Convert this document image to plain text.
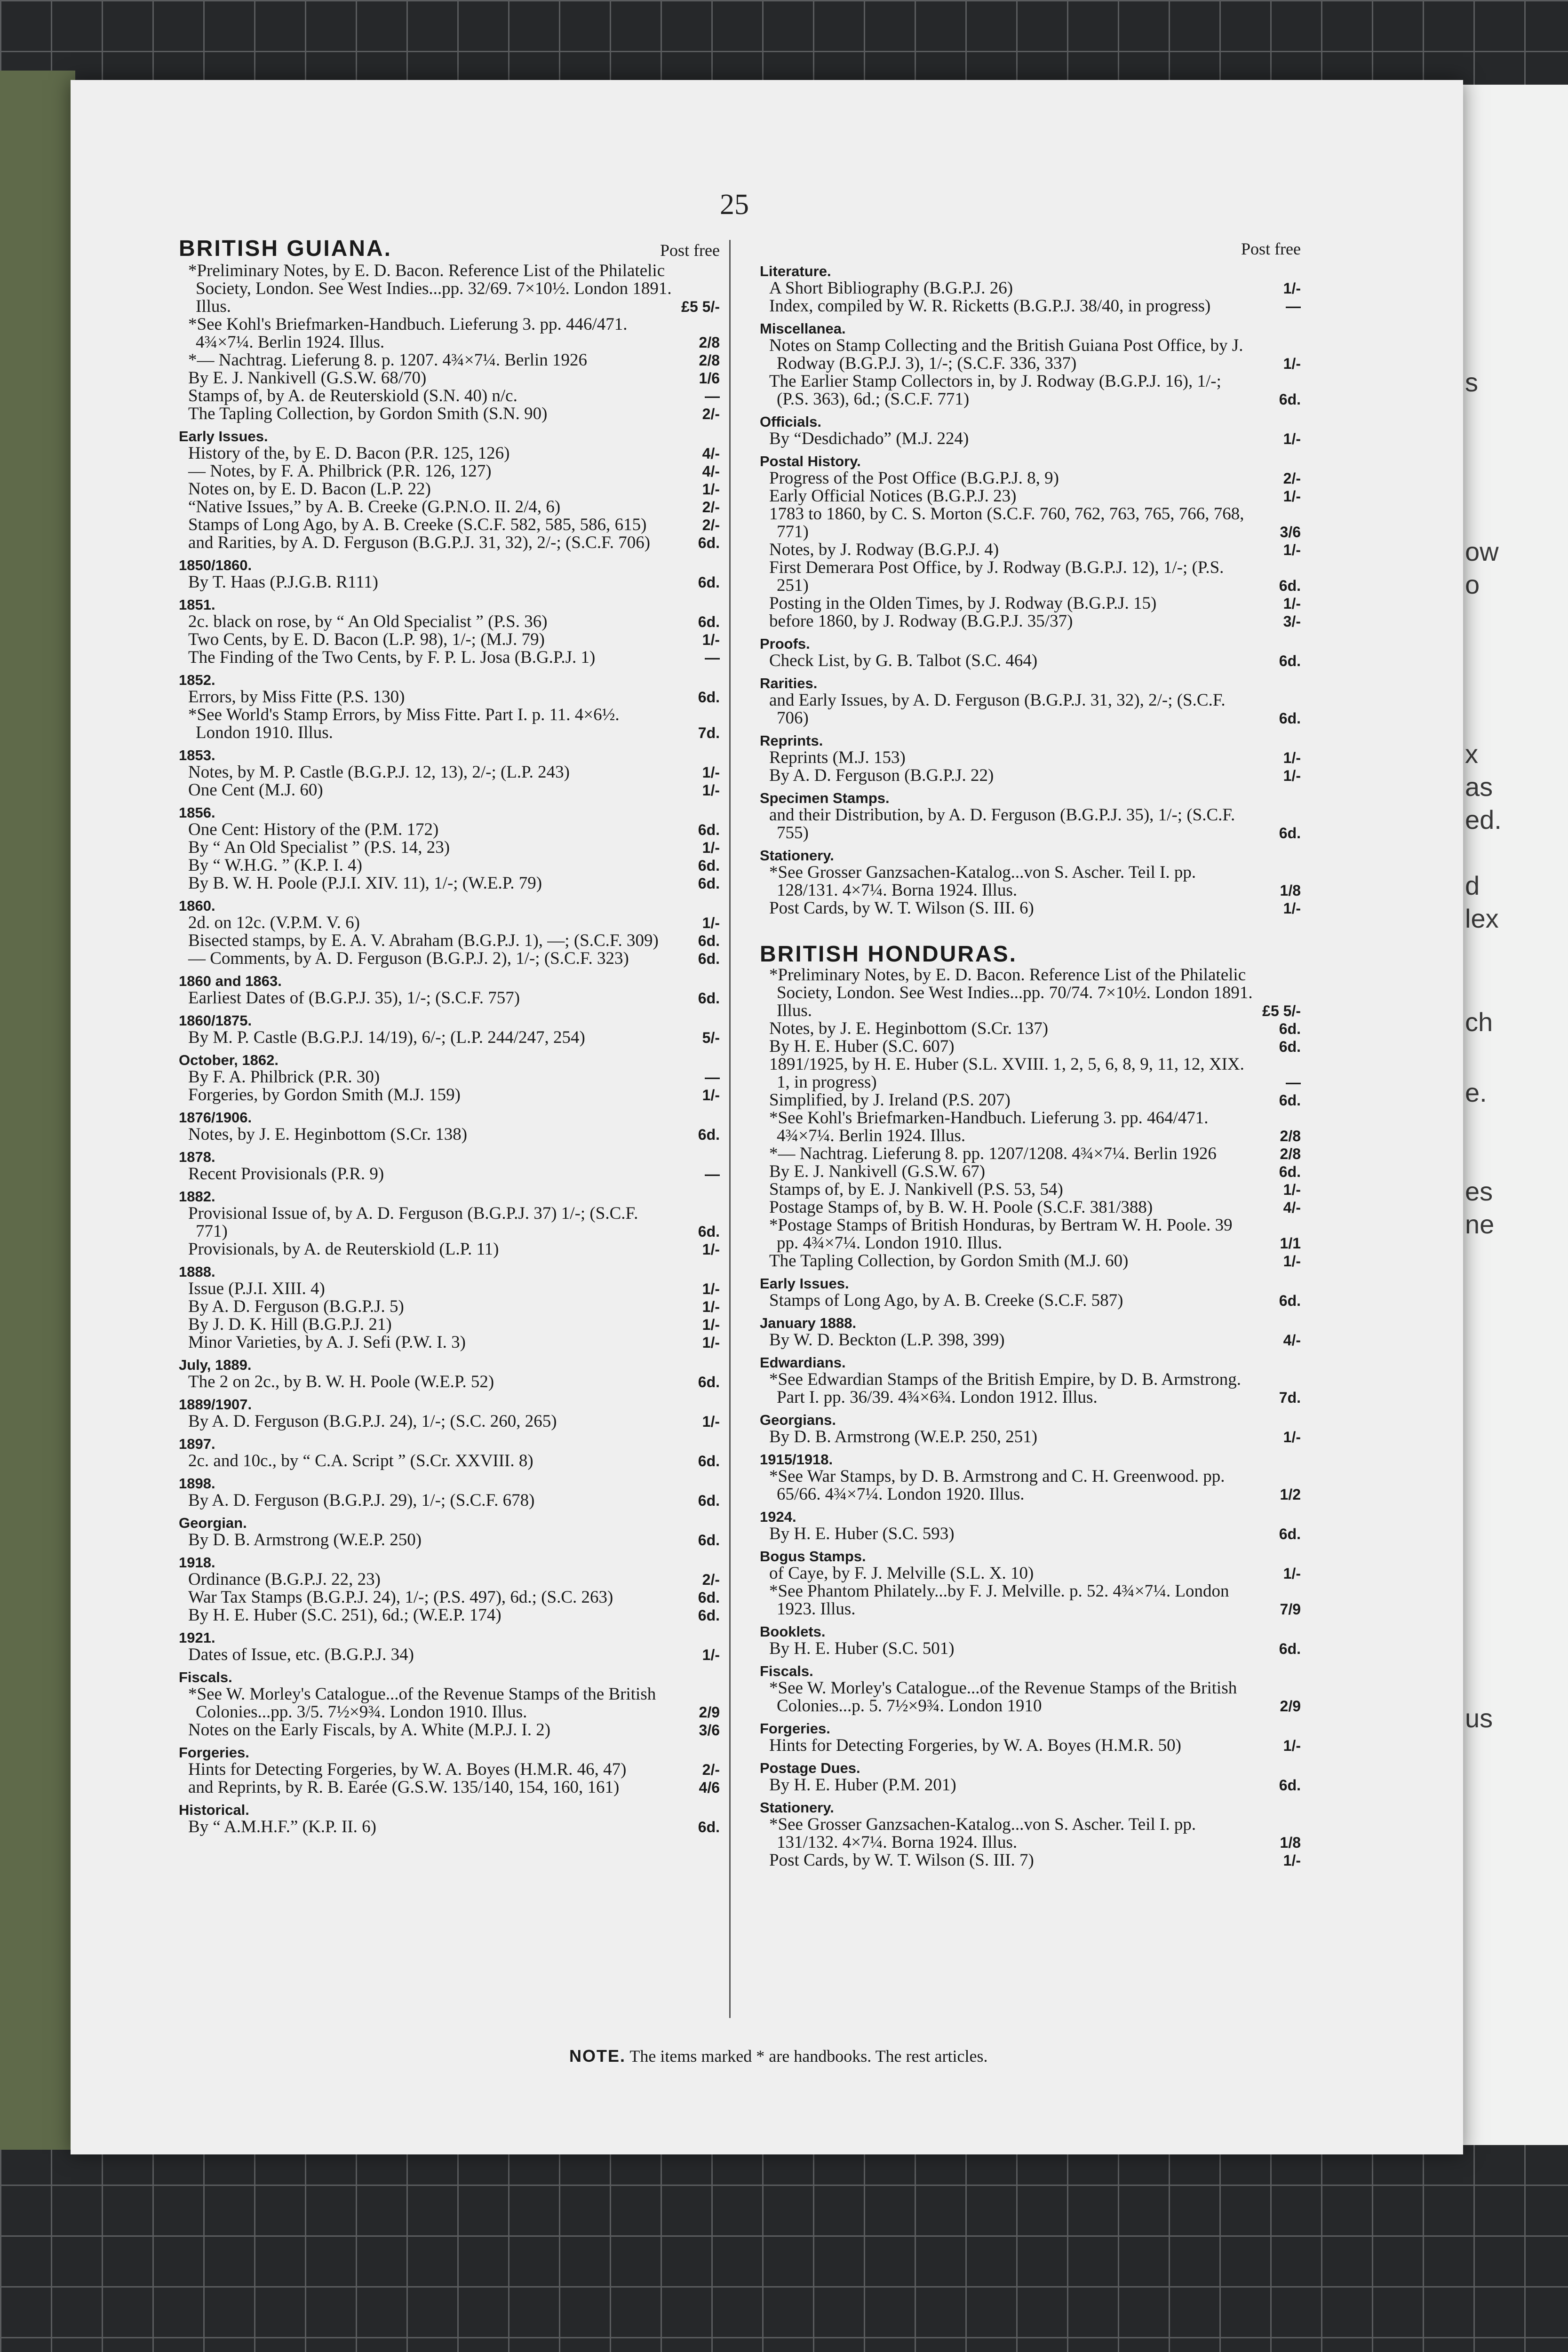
s
ow
o
x
as
ed.
d
lex
ch
e.
es
ne
us
25
BRITISH GUIANA.	Post free
*Preliminary Notes, by E. D. Bacon. Reference List of the Philatelic Society, London. See West Indies...pp. 32/69. 7×10½. London 1891. Illus.	£5 5/-
*See Kohl's Briefmarken-Handbuch. Lieferung 3. pp. 446/471. 4¾×7¼. Berlin 1924. Illus.	2/8
*— Nachtrag. Lieferung 8. p. 1207. 4¾×7¼. Berlin 1926	2/8
By E. J. Nankivell (G.S.W. 68/70)	1/6
Stamps of, by A. de Reuterskiold (S.N. 40) n/c.	—
The Tapling Collection, by Gordon Smith (S.N. 90)	2/-
Early Issues.
History of the, by E. D. Bacon (P.R. 125, 126)	4/-
— Notes, by F. A. Philbrick (P.R. 126, 127)	4/-
Notes on, by E. D. Bacon (L.P. 22)	1/-
“Native Issues,” by A. B. Creeke (G.P.N.O. II. 2/4, 6)	2/-
Stamps of Long Ago, by A. B. Creeke (S.C.F. 582, 585, 586, 615)	2/-
and Rarities, by A. D. Ferguson (B.G.P.J. 31, 32), 2/-; (S.C.F. 706)	6d.
1850/1860.
By T. Haas (P.J.G.B. R111)	6d.
1851.
2c. black on rose, by “ An Old Specialist ” (P.S. 36)	6d.
Two Cents, by E. D. Bacon (L.P. 98), 1/-; (M.J. 79)	1/-
The Finding of the Two Cents, by F. P. L. Josa (B.G.P.J. 1)	—
1852.
Errors, by Miss Fitte (P.S. 130)	6d.
*See World's Stamp Errors, by Miss Fitte. Part I. p. 11. 4×6½. London 1910. Illus.	7d.
1853.
Notes, by M. P. Castle (B.G.P.J. 12, 13), 2/-; (L.P. 243)	1/-
One Cent (M.J. 60)	1/-
1856.
One Cent: History of the (P.M. 172)	6d.
By “ An Old Specialist ” (P.S. 14, 23)	1/-
By “ W.H.G. ” (K.P. I. 4)	6d.
By B. W. H. Poole (P.J.I. XIV. 11), 1/-; (W.E.P. 79)	6d.
1860.
2d. on 12c. (V.P.M. V. 6)	1/-
Bisected stamps, by E. A. V. Abraham (B.G.P.J. 1), —; (S.C.F. 309)	6d.
— Comments, by A. D. Ferguson (B.G.P.J. 2), 1/-; (S.C.F. 323)	6d.
1860 and 1863.
Earliest Dates of (B.G.P.J. 35), 1/-; (S.C.F. 757)	6d.
1860/1875.
By M. P. Castle (B.G.P.J. 14/19), 6/-; (L.P. 244/247, 254)	5/-
October, 1862.
By F. A. Philbrick (P.R. 30)	—
Forgeries, by Gordon Smith (M.J. 159)	1/-
1876/1906.
Notes, by J. E. Heginbottom (S.Cr. 138)	6d.
1878.
Recent Provisionals (P.R. 9)	—
1882.
Provisional Issue of, by A. D. Ferguson (B.G.P.J. 37) 1/-; (S.C.F. 771)	6d.
Provisionals, by A. de Reuterskiold (L.P. 11)	1/-
1888.
Issue (P.J.I. XIII. 4)	1/-
By A. D. Ferguson (B.G.P.J. 5)	1/-
By J. D. K. Hill (B.G.P.J. 21)	1/-
Minor Varieties, by A. J. Sefi (P.W. I. 3)	1/-
July, 1889.
The 2 on 2c., by B. W. H. Poole (W.E.P. 52)	6d.
1889/1907.
By A. D. Ferguson (B.G.P.J. 24), 1/-; (S.C. 260, 265)	1/-
1897.
2c. and 10c., by “ C.A. Script ” (S.Cr. XXVIII. 8)	6d.
1898.
By A. D. Ferguson (B.G.P.J. 29), 1/-; (S.C.F. 678)	6d.
Georgian.
By D. B. Armstrong (W.E.P. 250)	6d.
1918.
Ordinance (B.G.P.J. 22, 23)	2/-
War Tax Stamps (B.G.P.J. 24), 1/-; (P.S. 497), 6d.; (S.C. 263)	6d.
By H. E. Huber (S.C. 251), 6d.; (W.E.P. 174)	6d.
1921.
Dates of Issue, etc. (B.G.P.J. 34)	1/-
Fiscals.
*See W. Morley's Catalogue...of the Revenue Stamps of the British Colonies...pp. 3/5. 7½×9¾. London 1910. Illus.	2/9
Notes on the Early Fiscals, by A. White (M.P.J. I. 2)	3/6
Forgeries.
Hints for Detecting Forgeries, by W. A. Boyes (H.M.R. 46, 47)	2/-
and Reprints, by R. B. Earée (G.S.W. 135/140, 154, 160, 161)	4/6
Historical.
By “ A.M.H.F.” (K.P. II. 6)	6d.
Post free
Literature.
A Short Bibliography (B.G.P.J. 26)	1/-
Index, compiled by W. R. Ricketts (B.G.P.J. 38/40, in progress)	—
Miscellanea.
Notes on Stamp Collecting and the British Guiana Post Office, by J. Rodway (B.G.P.J. 3), 1/-; (S.C.F. 336, 337)	1/-
The Earlier Stamp Collectors in, by J. Rodway (B.G.P.J. 16), 1/-; (P.S. 363), 6d.; (S.C.F. 771)	6d.
Officials.
By “Desdichado” (M.J. 224)	1/-
Postal History.
Progress of the Post Office (B.G.P.J. 8, 9)	2/-
Early Official Notices (B.G.P.J. 23)	1/-
1783 to 1860, by C. S. Morton (S.C.F. 760, 762, 763, 765, 766, 768, 771)	3/6
Notes, by J. Rodway (B.G.P.J. 4)	1/-
First Demerara Post Office, by J. Rodway (B.G.P.J. 12), 1/-; (P.S. 251)	6d.
Posting in the Olden Times, by J. Rodway (B.G.P.J. 15)	1/-
before 1860, by J. Rodway (B.G.P.J. 35/37)	3/-
Proofs.
Check List, by G. B. Talbot (S.C. 464)	6d.
Rarities.
and Early Issues, by A. D. Ferguson (B.G.P.J. 31, 32), 2/-; (S.C.F. 706)	6d.
Reprints.
Reprints (M.J. 153)	1/-
By A. D. Ferguson (B.G.P.J. 22)	1/-
Specimen Stamps.
and their Distribution, by A. D. Ferguson (B.G.P.J. 35), 1/-; (S.C.F. 755)	6d.
Stationery.
*See Grosser Ganzsachen-Katalog...von S. Ascher. Teil I. pp. 128/131. 4×7¼. Borna 1924. Illus.	1/8
Post Cards, by W. T. Wilson (S. III. 6)	1/-
BRITISH HONDURAS.
*Preliminary Notes, by E. D. Bacon. Reference List of the Philatelic Society, London. See West Indies...pp. 70/74. 7×10½. London 1891. Illus.	£5 5/-
Notes, by J. E. Heginbottom (S.Cr. 137)	6d.
By H. E. Huber (S.C. 607)	6d.
1891/1925, by H. E. Huber (S.L. XVIII. 1, 2, 5, 6, 8, 9, 11, 12, XIX. 1, in progress)	—
Simplified, by J. Ireland (P.S. 207)	6d.
*See Kohl's Briefmarken-Handbuch. Lieferung 3. pp. 464/471. 4¾×7¼. Berlin 1924. Illus.	2/8
*— Nachtrag. Lieferung 8. pp. 1207/1208. 4¾×7¼. Berlin 1926	2/8
By E. J. Nankivell (G.S.W. 67)	6d.
Stamps of, by E. J. Nankivell (P.S. 53, 54)	1/-
Postage Stamps of, by B. W. H. Poole (S.C.F. 381/388)	4/-
*Postage Stamps of British Honduras, by Bertram W. H. Poole. 39 pp. 4¾×7¼. London 1910. Illus.	1/1
The Tapling Collection, by Gordon Smith (M.J. 60)	1/-
Early Issues.
Stamps of Long Ago, by A. B. Creeke (S.C.F. 587)	6d.
January 1888.
By W. D. Beckton (L.P. 398, 399)	4/-
Edwardians.
*See Edwardian Stamps of the British Empire, by D. B. Armstrong. Part I. pp. 36/39. 4¾×6¾. London 1912. Illus.	7d.
Georgians.
By D. B. Armstrong (W.E.P. 250, 251)	1/-
1915/1918.
*See War Stamps, by D. B. Armstrong and C. H. Greenwood. pp. 65/66. 4¾×7¼. London 1920. Illus.	1/2
1924.
By H. E. Huber (S.C. 593)	6d.
Bogus Stamps.
of Caye, by F. J. Melville (S.L. X. 10)	1/-
*See Phantom Philately...by F. J. Melville. p. 52. 4¾×7¼. London 1923. Illus.	7/9
Booklets.
By H. E. Huber (S.C. 501)	6d.
Fiscals.
*See W. Morley's Catalogue...of the Revenue Stamps of the British Colonies...p. 5. 7½×9¾. London 1910	2/9
Forgeries.
Hints for Detecting Forgeries, by W. A. Boyes (H.M.R. 50)	1/-
Postage Dues.
By H. E. Huber (P.M. 201)	6d.
Stationery.
*See Grosser Ganzsachen-Katalog...von S. Ascher. Teil I. pp. 131/132. 4×7¼. Borna 1924. Illus.	1/8
Post Cards, by W. T. Wilson (S. III. 7)	1/-
NOTE. The items marked * are handbooks. The rest articles.
